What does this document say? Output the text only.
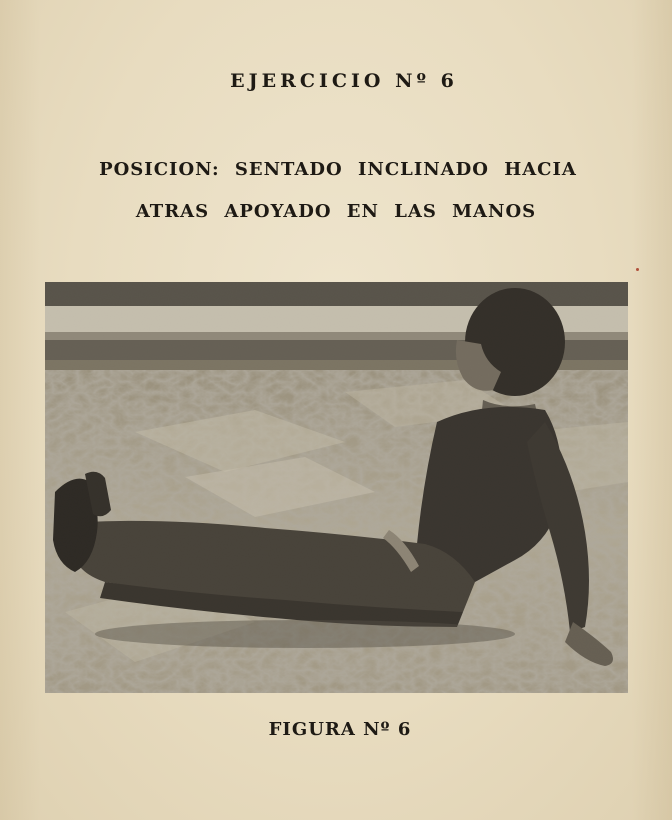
EJERCICIO Nº 6
POSICION: SENTADO INCLINADO HACIA
ATRAS APOYADO EN LAS MANOS
FIGURA Nº 6
